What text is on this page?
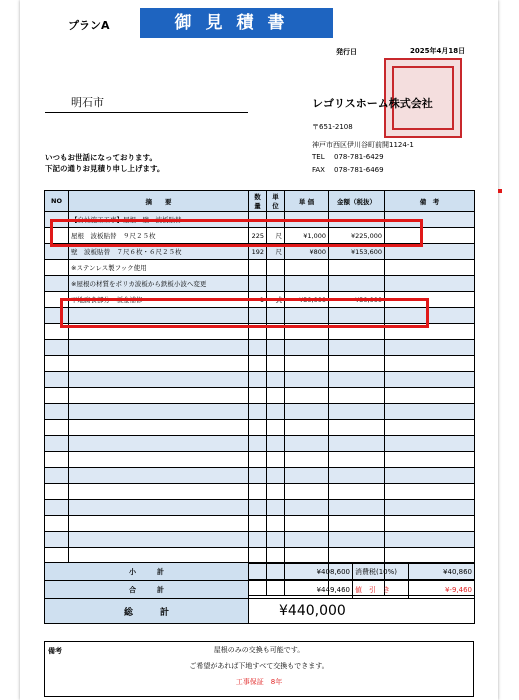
プランA	御見積書
発行日	2025年4月18日
明石市	レゴリスホーム株式会社
〒651-2108
神戸市西区伊川谷町前開1124-1
TEL 078-781-6429
FAX 078-781-6469
いつもお世話になっております。
下記の通りお見積り申し上げます。
NO	摘　　要	数 量	単 位	単 価	金額（税抜）	備　考
	【自社施工工事】屋根・壁　波板貼替					
	屋根　波板貼替　９尺２５枚	225	尺	¥1,000	¥225,000	
	壁　波板貼替　７尺６枚・６尺２５枚	192	尺	¥800	¥153,600	
	※ステンレス製フック使用					
	※屋根の材質をポリカ波板から鉄板小波へ変更					
	下地腐食部分　板金補修	1	式	¥30,000	¥30,000	

小　　　計	¥408,600	消費税(10%)	¥40,860
合　　　計	¥449,460	値　引　き	¥-9,460
総　　　計	¥440,000		
備考	屋根のみの交換も可能です。
ご希望があれば下地すべて交換もできます。
工事保証　8年
